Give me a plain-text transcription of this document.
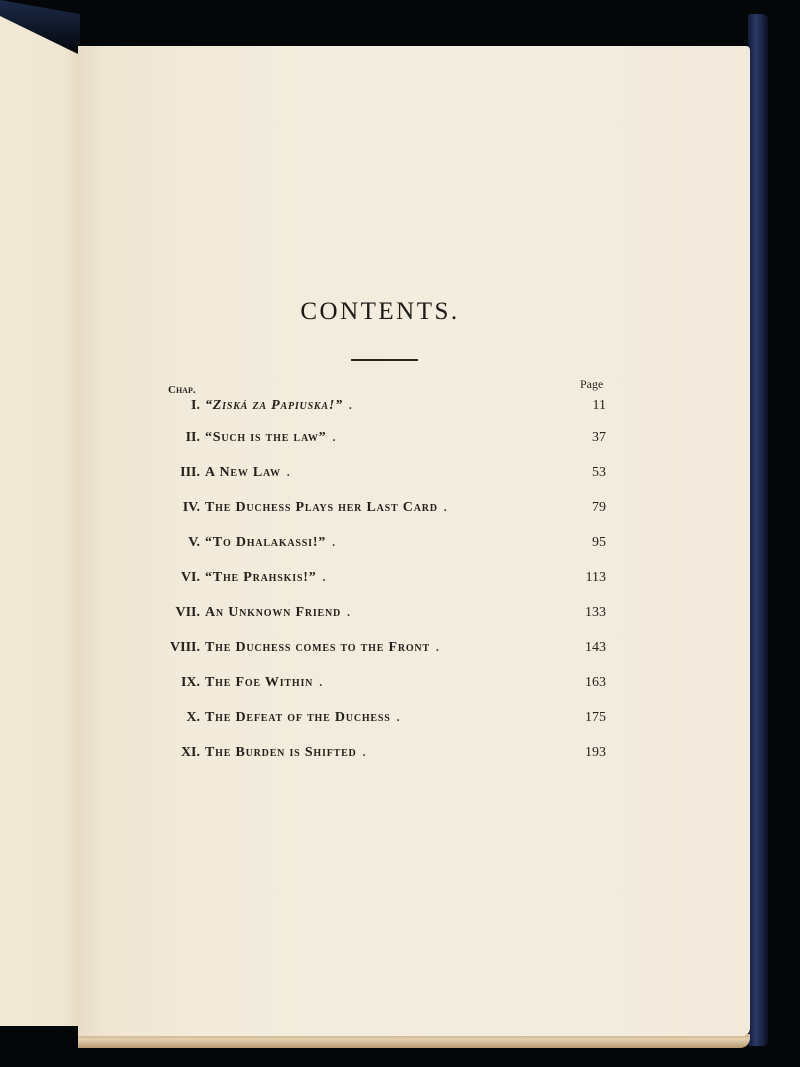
CONTENTS.
Chap.	Page
I. “Ziská za Papiuska!” .	11
II. “Such is the law” .	37
III. A New Law .	53
IV. The Duchess Plays her Last Card .	79
V. “To Dhalakassi!” .	95
VI. “The Prahskis!” .	113
VII. An Unknown Friend .	133
VIII. The Duchess comes to the Front .	143
IX. The Foe Within .	163
X. The Defeat of the Duchess .	175
XI. The Burden is Shifted .	193
